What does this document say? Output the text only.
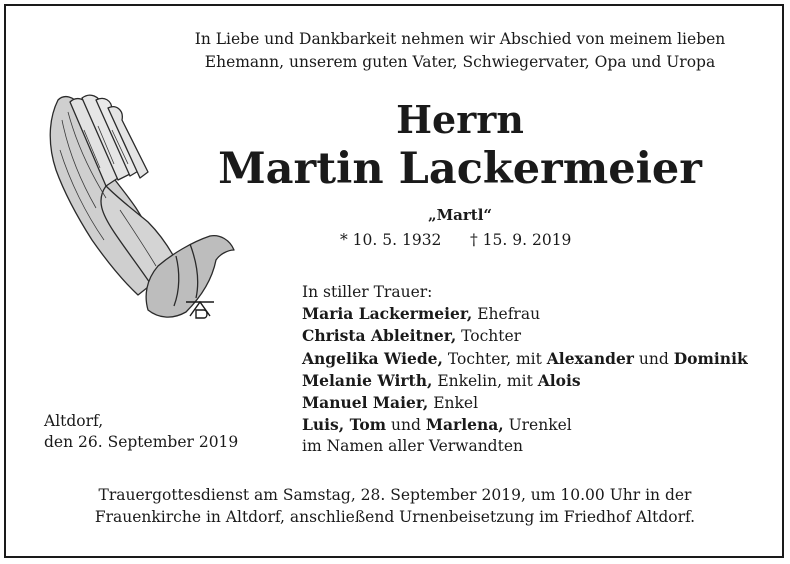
In Liebe und Dankbarkeit nehmen wir Abschied von meinem lieben
Ehemann, unserem guten Vater, Schwiegervater, Opa und Uropa
Herrn
Martin Lackermeier
„Martl“
* 10. 5. 1932 † 15. 9. 2019
In stiller Trauer:
Maria Lackermeier, Ehefrau
Christa Ableitner, Tochter
Angelika Wiede, Tochter, mit Alexander und Dominik
Melanie Wirth, Enkelin, mit Alois
Manuel Maier, Enkel
Luis, Tom und Marlena, Urenkel
im Namen aller Verwandten
Altdorf,
den 26. September 2019
Trauergottesdienst am Samstag, 28. September 2019, um 10.00 Uhr in der
Frauenkirche in Altdorf, anschließend Urnenbeisetzung im Friedhof Altdorf.
